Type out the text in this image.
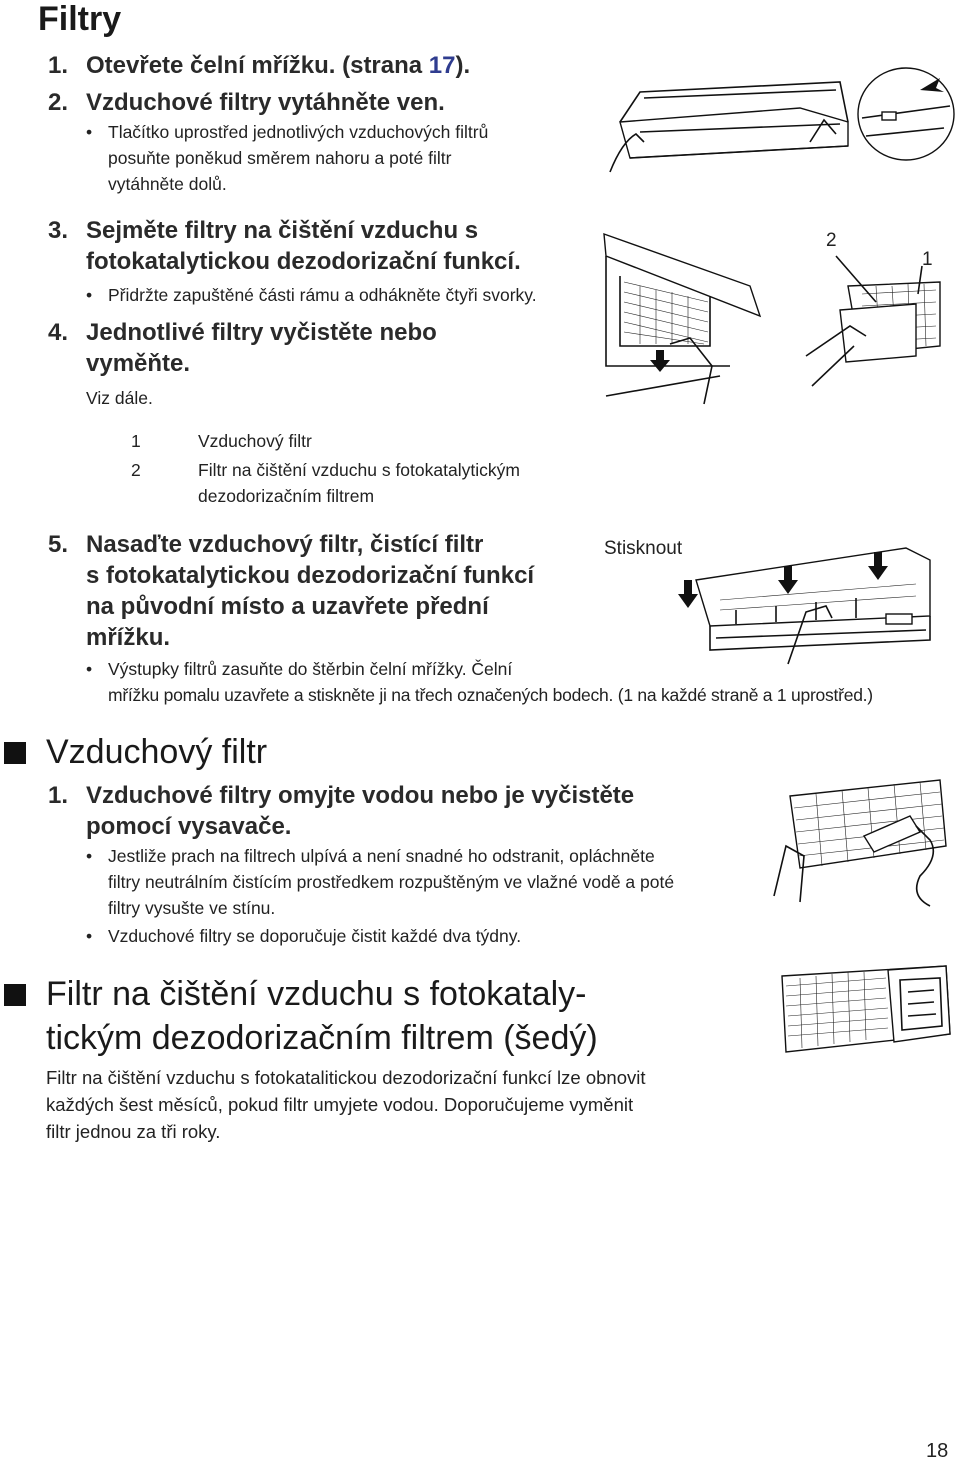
Filtry
1. Otevřete čelní mřížku. (strana 17).
2. Vzduchové filtry vytáhněte ven.
• Tlačítko uprostřed jednotlivých vzduchových filtrů
posuňte poněkud směrem nahoru a poté filtr
vytáhněte dolů.
3. Sejměte filtry na čištění vzduchu s
fotokatalytickou dezodorizační funkcí.
• Přidržte zapuštěné části rámu a odhákněte čtyři svorky.
4. Jednotlivé filtry vyčistěte nebo
vyměňte.
Viz dále.
1	Vzduchový filtr
2	Filtr na čištění vzduchu s fotokatalytickým
dezodorizačním filtrem
5. Nasaďte vzduchový filtr, čistící filtr
s fotokatalytickou dezodorizační funkcí
na původní místo a uzavřete přední
mřížku.
• Výstupky filtrů zasuňte do štěrbin čelní mřížky. Čelní
mřížku pomalu uzavřete a stiskněte ji na třech označených bodech. (1 na každé straně a 1 uprostřed.)
Vzduchový filtr
1. Vzduchové filtry omyjte vodou nebo je vyčistěte
pomocí vysavače.
• Jestliže prach na filtrech ulpívá a není snadné ho odstranit, opláchněte
filtry neutrálním čistícím prostředkem rozpuštěným ve vlažné vodě a poté
filtry vysušte ve stínu.
• Vzduchové filtry se doporučuje čistit každé dva týdny.
Filtr na čištění vzduchu s fotokataly-
tickým dezodorizačním filtrem (šedý)
Filtr na čištění vzduchu s fotokatalitickou dezodorizační funkcí lze obnovit
každých šest měsíců, pokud filtr umyjete vodou. Doporučujeme vyměnit
filtr jednou za tři roky.
18
2
1
Stisknout
